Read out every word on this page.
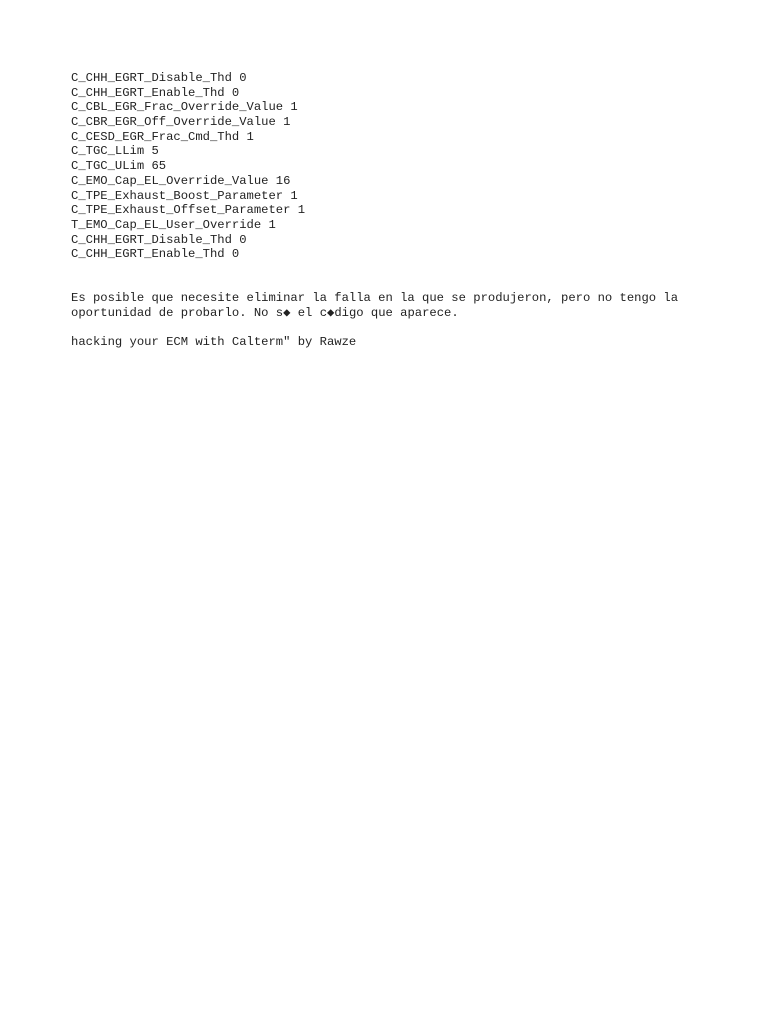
C_CHH_EGRT_Disable_Thd 0
C_CHH_EGRT_Enable_Thd 0
C_CBL_EGR_Frac_Override_Value 1
C_CBR_EGR_Off_Override_Value 1
C_CESD_EGR_Frac_Cmd_Thd 1
C_TGC_LLim 5
C_TGC_ULim 65
C_EMO_Cap_EL_Override_Value 16
C_TPE_Exhaust_Boost_Parameter 1
C_TPE_Exhaust_Offset_Parameter 1
T_EMO_Cap_EL_User_Override 1
C_CHH_EGRT_Disable_Thd 0
C_CHH_EGRT_Enable_Thd 0
Es posible que necesite eliminar la falla en la que se produjeron, pero no tengo la
oportunidad de probarlo. No s◆ el c◆digo que aparece.
hacking your ECM with Calterm" by Rawze
